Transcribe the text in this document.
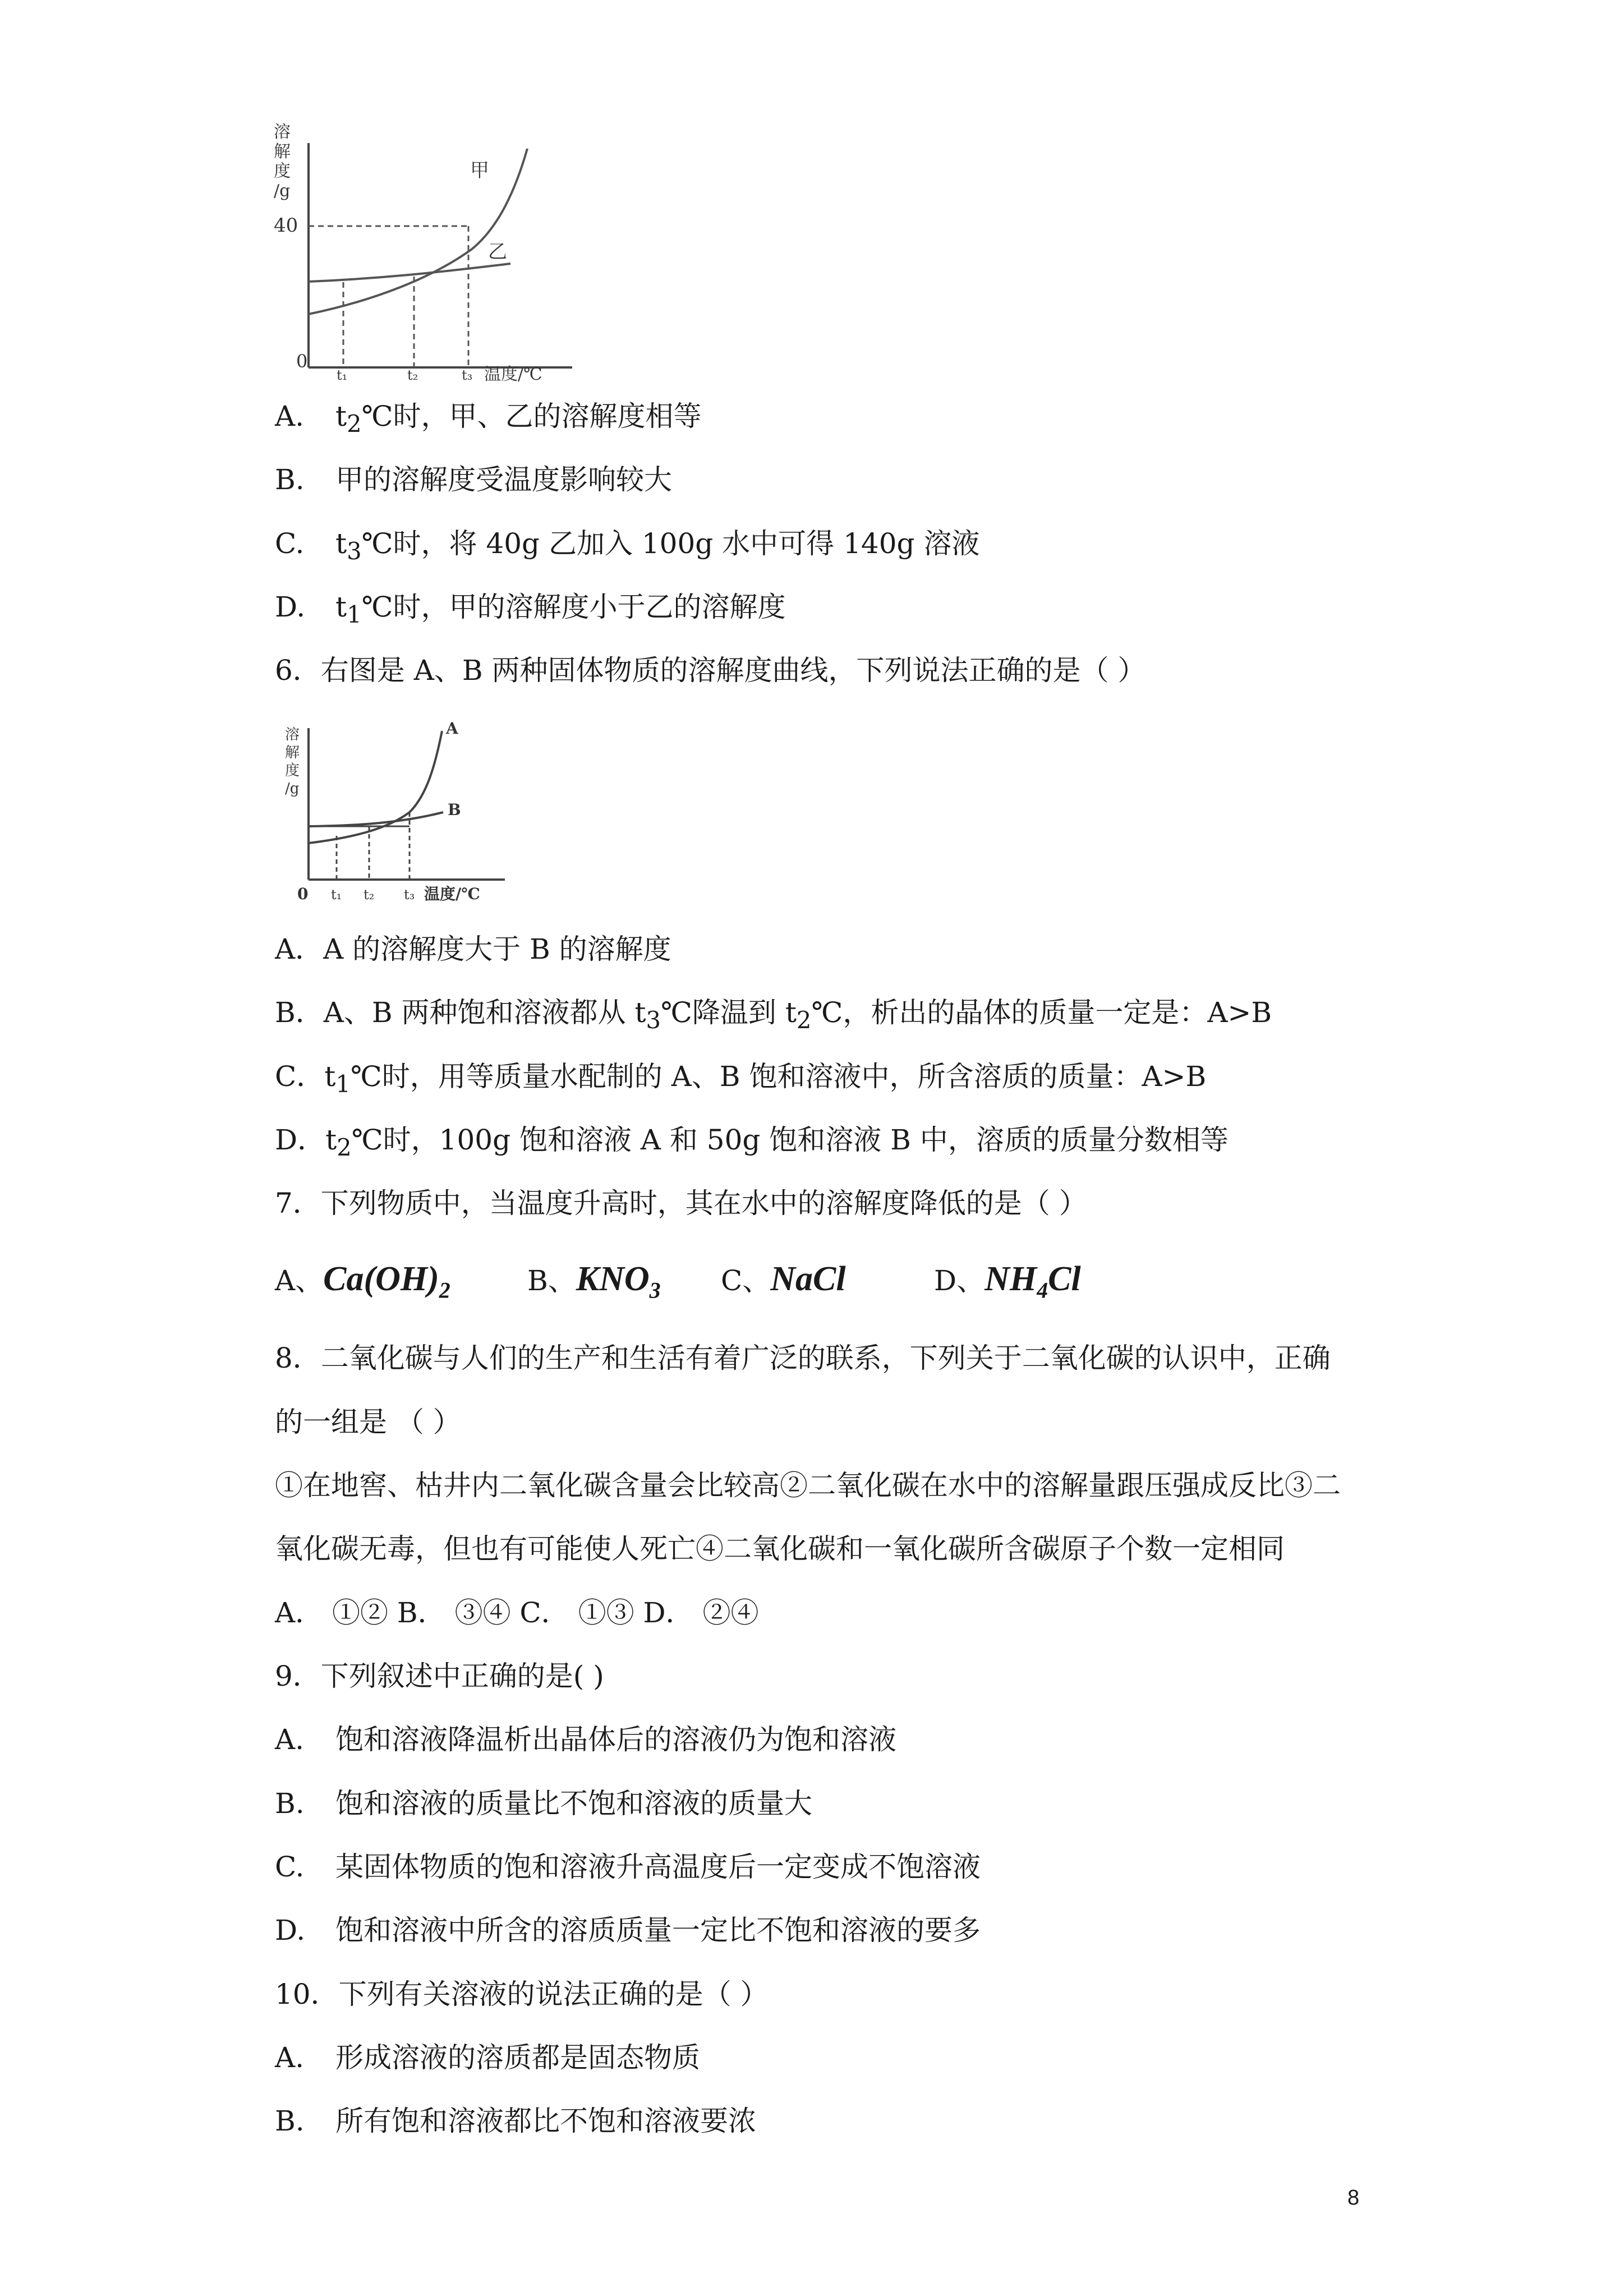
溶
解
度
/g
40
0
t₁	t₂	t₃ 温度/℃
甲
乙
A. $t_2℃$时，甲、乙的溶解度相等
B. 甲的溶解度受温度影响较大
C. $t_3℃$时，将 40g 乙加入 100g 水中可得 140g 溶液
D. $t_1℃$时，甲的溶解度小于乙的溶解度
6．右图是 A、B 两种固体物质的溶解度曲线，下列说法正确的是（ ）
溶
解
度
/g
0 t₁ t₂ t₃ 温度/℃
A
B
A．A 的溶解度大于 B 的溶解度
B．A、B 两种饱和溶液都从 $t_3℃$降温到 $t_2℃$，析出的晶体的质量一定是：A>B
C．$t_1℃$时，用等质量水配制的 A、B 饱和溶液中，所含溶质的质量：A>B
D．$t_2℃$时，100g 饱和溶液 A 和 50g 饱和溶液 B 中，溶质的质量分数相等
7．下列物质中，当温度升高时，其在水中的溶解度降低的是（ ）
A、$Ca(OH)_2$	B、$KNO_3$ C、NaCl	D、$NH_4Cl$
8．二氧化碳与人们的生产和生活有着广泛的联系，下列关于二氧化碳的认识中，正确
的一组是 （ ）
①在地窖、枯井内二氧化碳含量会比较高②二氧化碳在水中的溶解量跟压强成反比③二
氧化碳无毒，但也有可能使人死亡④二氧化碳和一氧化碳所含碳原子个数一定相同
A． ①② B． ③④ C． ①③ D． ②④
9．下列叙述中正确的是( )
A. 饱和溶液降温析出晶体后的溶液仍为饱和溶液
B. 饱和溶液的质量比不饱和溶液的质量大
C. 某固体物质的饱和溶液升高温度后一定变成不饱溶液
D. 饱和溶液中所含的溶质质量一定比不饱和溶液的要多
10．下列有关溶液的说法正确的是（ ）
A. 形成溶液的溶质都是固态物质
B. 所有饱和溶液都比不饱和溶液要浓
8
